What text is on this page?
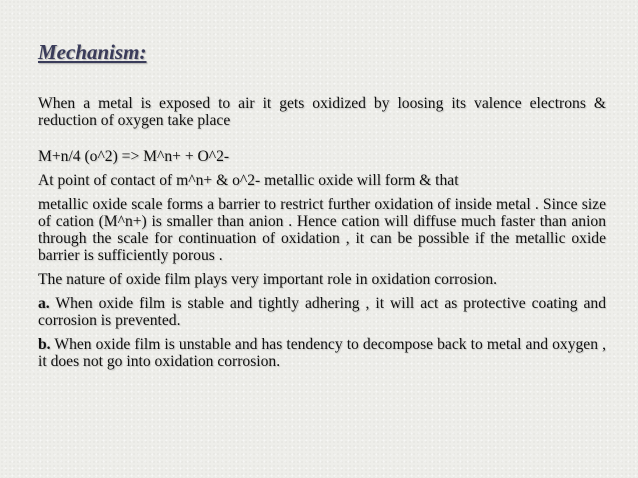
Mechanism:

When a metal is exposed to air it gets oxidized by loosing its valence electrons & reduction of oxygen take place

M+n/4 (o^2) => M^n+ + O^2-

At point of contact of m^n+ & o^2- metallic oxide will form & that

metallic oxide scale forms a barrier to restrict further oxidation of inside metal . Since size of cation (M^n+) is smaller than anion . Hence cation will diffuse much faster than anion through the scale for continuation of oxidation , it can be possible if the metallic oxide barrier is sufficiently porous .

The nature of oxide film plays very important role in oxidation corrosion.

a. When oxide film is stable and tightly adhering , it will act as protective coating and corrosion is prevented.

b. When oxide film is unstable and has tendency to decompose back to metal and oxygen , it does not go into oxidation corrosion.
